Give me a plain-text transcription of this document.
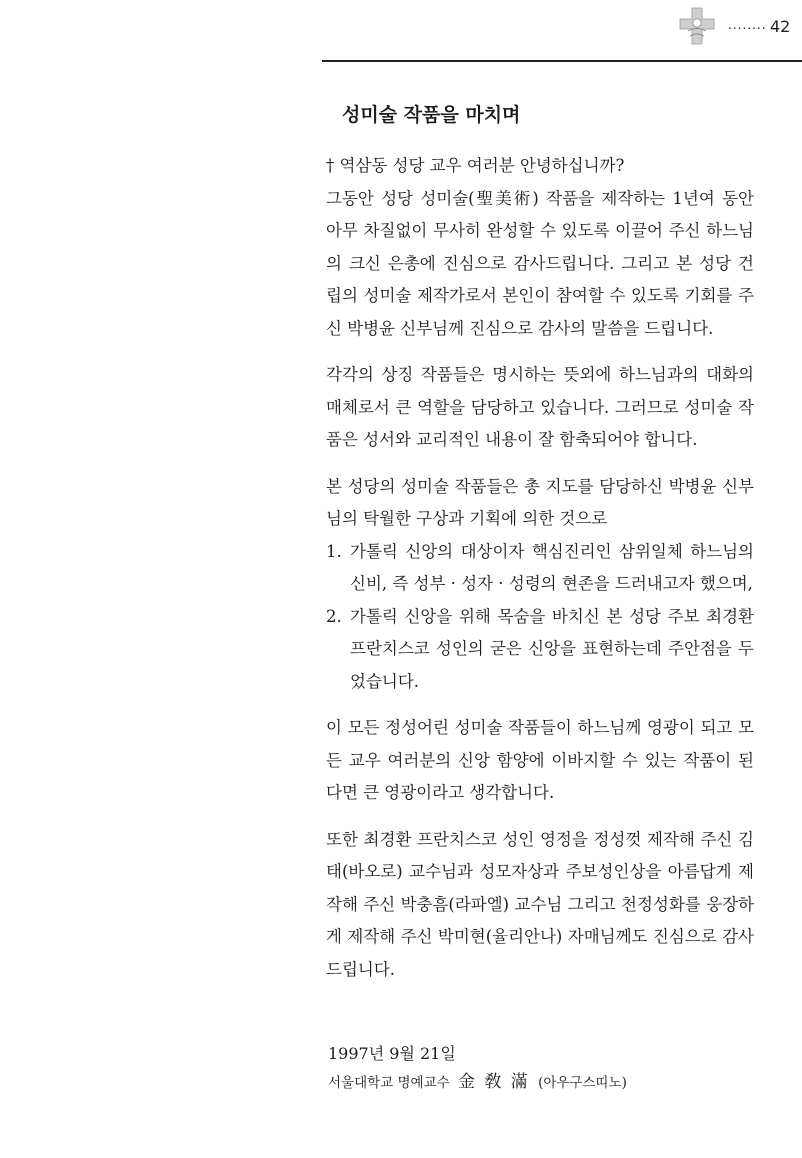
........ 42
성미술 작품을 마치며

† 역삼동 성당 교우 여러분 안녕하십니까?

그동안 성당 성미술(聖美術) 작품을 제작하는 1년여 동안 아무 차질없이 무사히 완성할 수 있도록 이끌어 주신 하느님의 크신 은총에 진심으로 감사드립니다. 그리고 본 성당 건립의 성미술 제작가로서 본인이 참여할 수 있도록 기회를 주신 박병윤 신부님께 진심으로 감사의 말씀을 드립니다.

각각의 상징 작품들은 명시하는 뜻외에 하느님과의 대화의 매체로서 큰 역할을 담당하고 있습니다. 그러므로 성미술 작품은 성서와 교리적인 내용이 잘 함축되어야 합니다.

본 성당의 성미술 작품들은 총 지도를 담당하신 박병윤 신부님의 탁월한 구상과 기획에 의한 것으로

1. 가톨릭 신앙의 대상이자 핵심진리인 삼위일체 하느님의 신비, 즉 성부 · 성자 · 성령의 현존을 드러내고자 했으며,
2. 가톨릭 신앙을 위해 목숨을 바치신 본 성당 주보 최경환 프란치스코 성인의 굳은 신앙을 표현하는데 주안점을 두었습니다.

이 모든 정성어린 성미술 작품들이 하느님께 영광이 되고 모든 교우 여러분의 신앙 함양에 이바지할 수 있는 작품이 된다면 큰 영광이라고 생각합니다.

또한 최경환 프란치스코 성인 영정을 정성껏 제작해 주신 김태(바오로) 교수님과 성모자상과 주보성인상을 아름답게 제작해 주신 박충흠(라파엘) 교수님 그리고 천정성화를 웅장하게 제작해 주신 박미현(율리안나) 자매님께도 진심으로 감사드립니다.

1997년 9월 21일
서울대학교 명예교수 金 敎 滿 (아우구스띠노)
